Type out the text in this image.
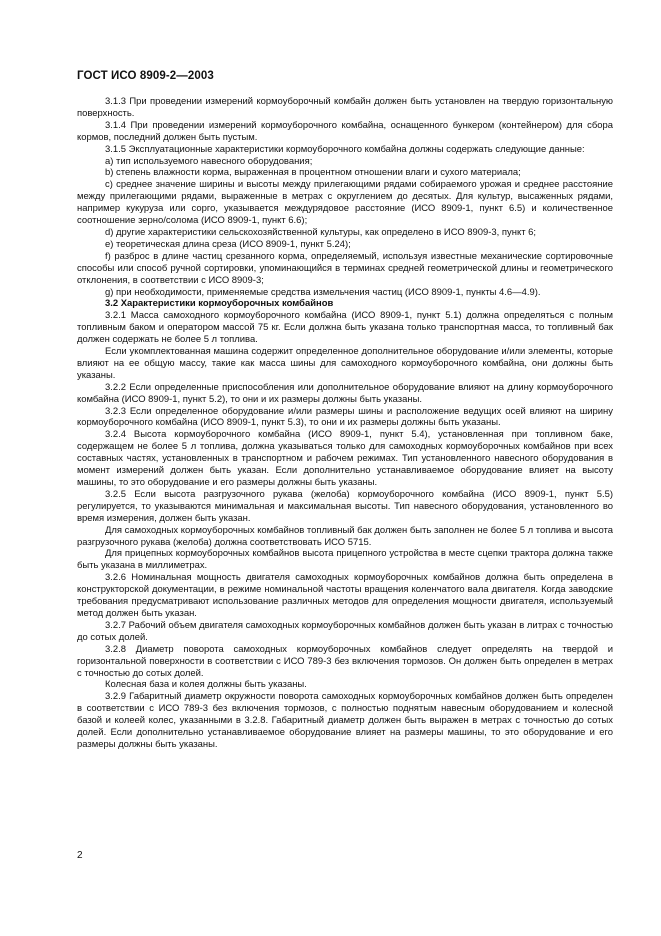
ГОСТ ИСО 8909-2—2003

3.1.3 При проведении измерений кормоуборочный комбайн должен быть установлен на твердую горизонтальную поверхность.

3.1.4 При проведении измерений кормоуборочного комбайна, оснащенного бункером (контейнером) для сбора кормов, последний должен быть пустым.

3.1.5 Эксплуатационные характеристики кормоуборочного комбайна должны содержать следующие данные:

a) тип используемого навесного оборудования;

b) степень влажности корма, выраженная в процентном отношении влаги и сухого материала;

c) среднее значение ширины и высоты между прилегающими рядами собираемого урожая и среднее расстояние между прилегающими рядами, выраженные в метрах с округлением до десятых. Для культур, высаженных рядами, например кукуруза или сорго, указывается междурядовое расстояние (ИСО 8909-1, пункт 6.5) и количественное соотношение зерно/солома (ИСО 8909-1, пункт 6.6);

d) другие характеристики сельскохозяйственной культуры, как определено в ИСО 8909-3, пункт 6;

e) теоретическая длина среза (ИСО 8909-1, пункт 5.24);

f) разброс в длине частиц срезанного корма, определяемый, используя известные механические сортировочные способы или способ ручной сортировки, упоминающийся в терминах средней геометрической длины и геометрического отклонения, в соответствии с ИСО 8909-3;

g) при необходимости, применяемые средства измельчения частиц (ИСО 8909-1, пункты 4.6—4.9).

3.2 Характеристики кормоуборочных комбайнов

3.2.1 Масса самоходного кормоуборочного комбайна (ИСО 8909-1, пункт 5.1) должна определяться с полным топливным баком и оператором массой 75 кг. Если должна быть указана только транспортная масса, то топливный бак должен содержать не более 5 л топлива.

Если укомплектованная машина содержит определенное дополнительное оборудование и/или элементы, которые влияют на ее общую массу, такие как масса шины для самоходного кормоуборочного комбайна, они должны быть указаны.

3.2.2 Если определенные приспособления или дополнительное оборудование влияют на длину кормоуборочного комбайна (ИСО 8909-1, пункт 5.2), то они и их размеры должны быть указаны.

3.2.3 Если определенное оборудование и/или размеры шины и расположение ведущих осей влияют на ширину кормоуборочного комбайна (ИСО 8909-1, пункт 5.3), то они и их размеры должны быть указаны.

3.2.4 Высота кормоуборочного комбайна (ИСО 8909-1, пункт 5.4), установленная при топливном баке, содержащем не более 5 л топлива, должна указываться только для самоходных кормоуборочных комбайнов при всех составных частях, установленных в транспортном и рабочем режимах. Тип установленного навесного оборудования в момент измерений должен быть указан. Если дополнительно устанавливаемое оборудование влияет на высоту машины, то это оборудование и его размеры должны быть указаны.

3.2.5 Если высота разгрузочного рукава (желоба) кормоуборочного комбайна (ИСО 8909-1, пункт 5.5) регулируется, то указываются минимальная и максимальная высоты. Тип навесного оборудования, установленного во время измерения, должен быть указан.

Для самоходных кормоуборочных комбайнов топливный бак должен быть заполнен не более 5 л топлива и высота разгрузочного рукава (желоба) должна соответствовать ИСО 5715.

Для прицепных кормоуборочных комбайнов высота прицепного устройства в месте сцепки трактора должна также быть указана в миллиметрах.

3.2.6 Номинальная мощность двигателя самоходных кормоуборочных комбайнов должна быть определена в конструкторской документации, в режиме номинальной частоты вращения коленчатого вала двигателя. Когда заводские требования предусматривают использование различных методов для определения мощности двигателя, используемый метод должен быть указан.

3.2.7 Рабочий объем двигателя самоходных кормоуборочных комбайнов должен быть указан в литрах с точностью до сотых долей.

3.2.8 Диаметр поворота самоходных кормоуборочных комбайнов следует определять на твердой и горизонтальной поверхности в соответствии с ИСО 789-3 без включения тормозов. Он должен быть определен в метрах с точностью до сотых долей.

Колесная база и колея должны быть указаны.

3.2.9 Габаритный диаметр окружности поворота самоходных кормоуборочных комбайнов должен быть определен в соответствии с ИСО 789-3 без включения тормозов, с полностью поднятым навесным оборудованием и колесной базой и колеей колес, указанными в 3.2.8. Габаритный диаметр должен быть выражен в метрах с точностью до сотых долей. Если дополнительно устанавливаемое оборудование влияет на размеры машины, то это оборудование и его размеры должны быть указаны.

2
